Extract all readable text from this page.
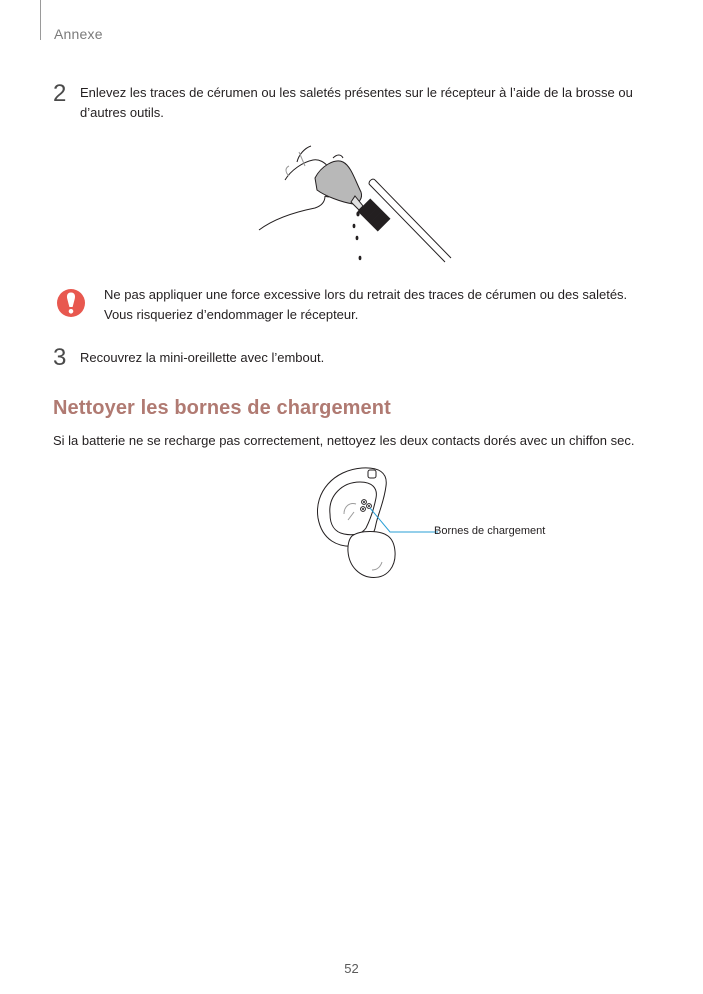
Annexe
2 Enlevez les traces de cérumen ou les saletés présentes sur le récepteur à l’aide de la brosse ou d’autres outils.
Ne pas appliquer une force excessive lors du retrait des traces de cérumen ou des saletés.
Vous risqueriez d’endommager le récepteur.
3 Recouvrez la mini-oreillette avec l’embout.
Nettoyer les bornes de chargement
Si la batterie ne se recharge pas correctement, nettoyez les deux contacts dorés avec un chiffon sec.
Bornes de chargement
52
